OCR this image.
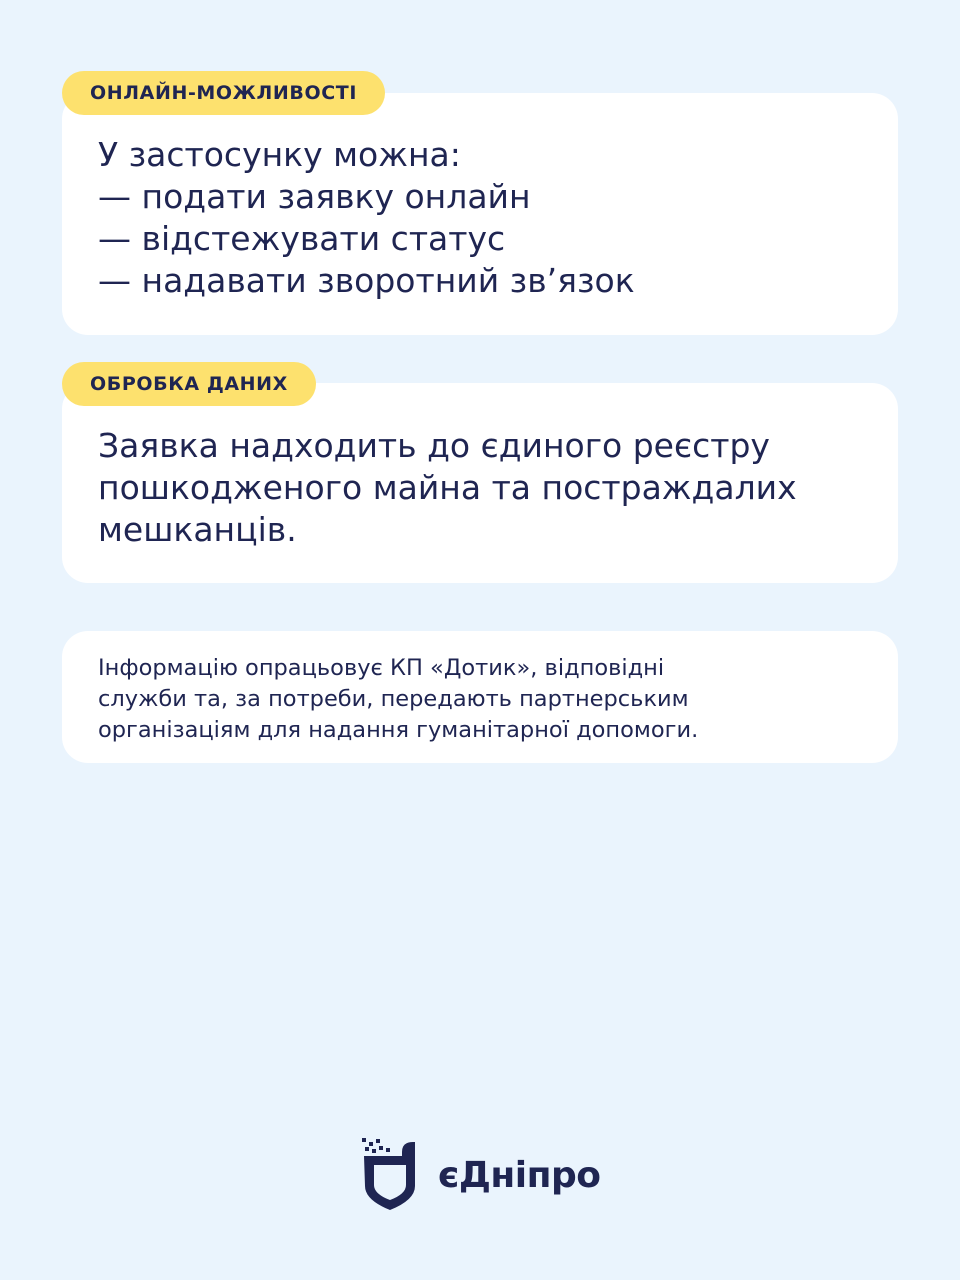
ОНЛАЙН-МОЖЛИВОСТІ

У застосунку можна:
— подати заявку онлайн
— відстежувати статус
— надавати зворотний зв’язок

ОБРОБКА ДАНИХ

Заявка надходить до єдиного реєстру
пошкодженого майна та постраждалих
мешканців.

Інформацію опрацьовує КП «Дотик», відповідні
служби та, за потреби, передають партнерським
організаціям для надання гуманітарної допомоги.

єДніпро
